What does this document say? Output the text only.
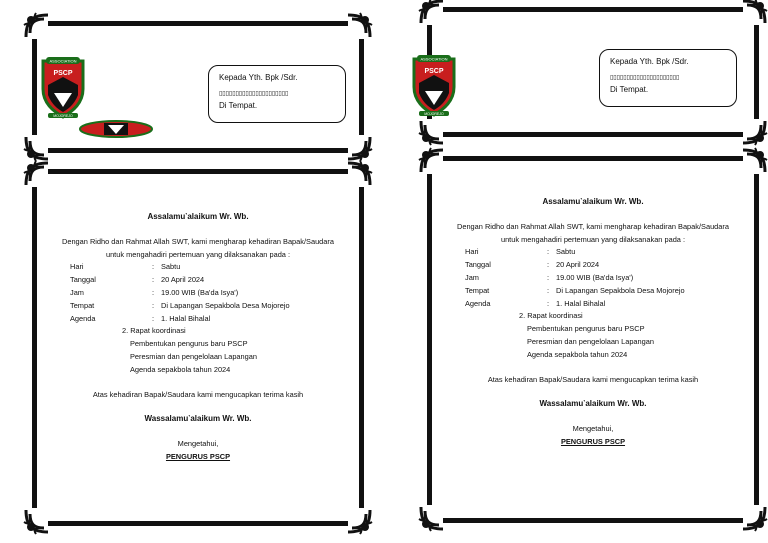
ASSOCIATION
PSCP
MOJOREJO
Kepada Yth. Bpk /Sdr.
▯▯▯▯▯▯▯▯▯▯▯▯▯▯▯▯▯▯▯▯▯
Di Tempat.
Assalamu‵alaikum Wr. Wb.
Dengan Ridho dan Rahmat Allah SWT, kami mengharap kehadiran Bapak/Saudara
untuk mengahadiri pertemuan yang dilaksanakan pada :
Hari	: Sabtu
Tanggal	: 20 April 2024
Jam	: 19.00 WIB (Ba'da Isya')
Tempat	: Di Lapangan Sepakbola Desa Mojorejo
Agenda	: 1. Halal Bihalal
2. Rapat koordinasi
Pembentukan pengurus baru PSCP
Peresmian dan pengelolaan Lapangan
Agenda sepakbola tahun 2024
Atas kehadiran Bapak/Saudara kami mengucapkan terima kasih
Wassalamu‵alaikum Wr. Wb.
Mengetahui,
PENGURUS PSCP
ASSOCIATION
PSCP
MOJOREJO
Kepada Yth. Bpk /Sdr.
▯▯▯▯▯▯▯▯▯▯▯▯▯▯▯▯▯▯▯▯▯
Di Tempat.
Assalamu‵alaikum Wr. Wb.
Dengan Ridho dan Rahmat Allah SWT, kami mengharap kehadiran Bapak/Saudara
untuk mengahadiri pertemuan yang dilaksanakan pada :
Hari	: Sabtu
Tanggal	: 20 April 2024
Jam	: 19.00 WIB (Ba'da Isya')
Tempat	: Di Lapangan Sepakbola Desa Mojorejo
Agenda	: 1. Halal Bihalal
2. Rapat koordinasi
Pembentukan pengurus baru PSCP
Peresmian dan pengelolaan Lapangan
Agenda sepakbola tahun 2024
Atas kehadiran Bapak/Saudara kami mengucapkan terima kasih
Wassalamu‵alaikum Wr. Wb.
Mengetahui,
PENGURUS PSCP
